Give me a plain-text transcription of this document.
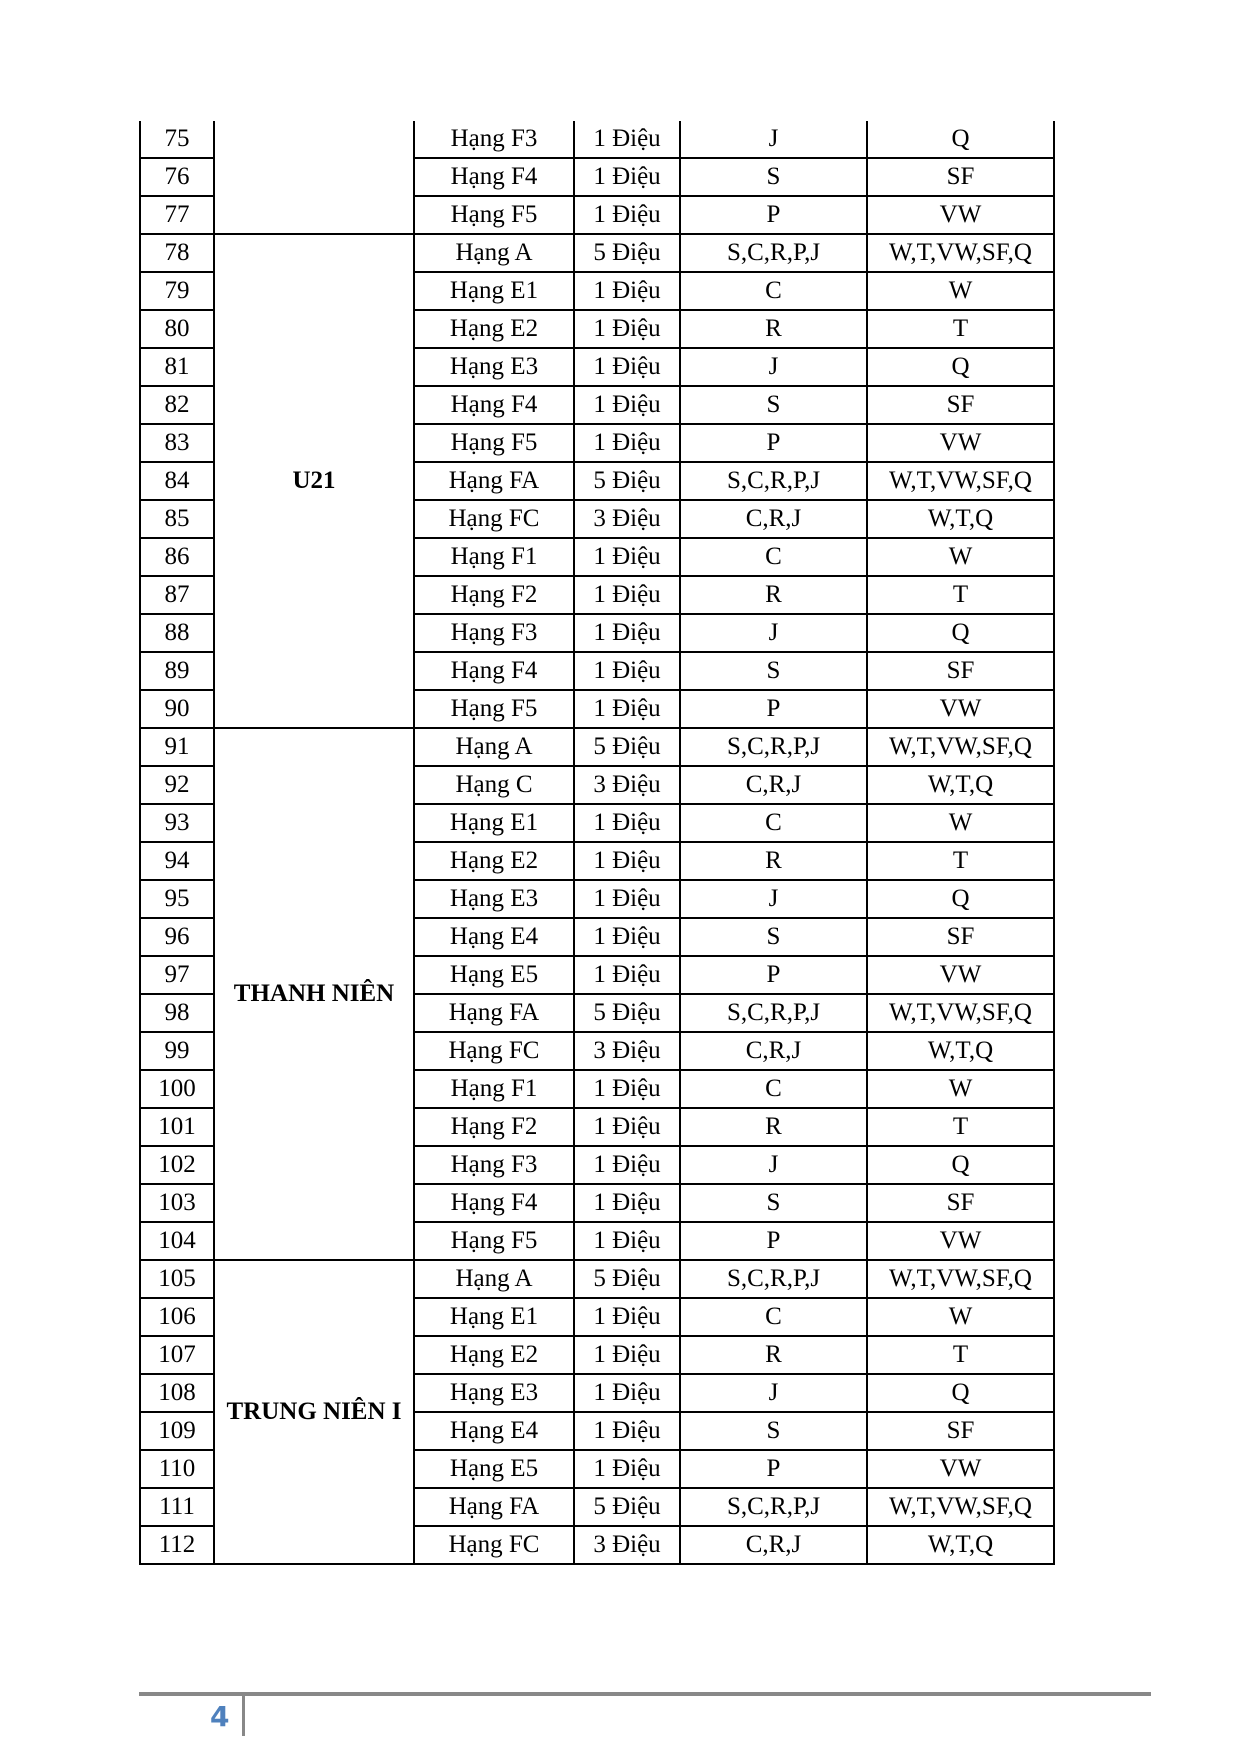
75		Hạng F3	1 Điệu	J	Q
76		Hạng F4	1 Điệu	S	SF
77		Hạng F5	1 Điệu	P	VW
78	U21	Hạng A	5 Điệu	S,C,R,P,J	W,T,VW,SF,Q
79		Hạng E1	1 Điệu	C	W
80		Hạng E2	1 Điệu	R	T
81		Hạng E3	1 Điệu	J	Q
82		Hạng F4	1 Điệu	S	SF
83		Hạng F5	1 Điệu	P	VW
84		Hạng FA	5 Điệu	S,C,R,P,J	W,T,VW,SF,Q
85		Hạng FC	3 Điệu	C,R,J	W,T,Q
86		Hạng F1	1 Điệu	C	W
87		Hạng F2	1 Điệu	R	T
88		Hạng F3	1 Điệu	J	Q
89		Hạng F4	1 Điệu	S	SF
90		Hạng F5	1 Điệu	P	VW
91	THANH NIÊN	Hạng A	5 Điệu	S,C,R,P,J	W,T,VW,SF,Q
92		Hạng C	3 Điệu	C,R,J	W,T,Q
93		Hạng E1	1 Điệu	C	W
94		Hạng E2	1 Điệu	R	T
95		Hạng E3	1 Điệu	J	Q
96		Hạng E4	1 Điệu	S	SF
97		Hạng E5	1 Điệu	P	VW
98		Hạng FA	5 Điệu	S,C,R,P,J	W,T,VW,SF,Q
99		Hạng FC	3 Điệu	C,R,J	W,T,Q
100		Hạng F1	1 Điệu	C	W
101		Hạng F2	1 Điệu	R	T
102		Hạng F3	1 Điệu	J	Q
103		Hạng F4	1 Điệu	S	SF
104		Hạng F5	1 Điệu	P	VW
105	TRUNG NIÊN I	Hạng A	5 Điệu	S,C,R,P,J	W,T,VW,SF,Q
106		Hạng E1	1 Điệu	C	W
107		Hạng E2	1 Điệu	R	T
108		Hạng E3	1 Điệu	J	Q
109		Hạng E4	1 Điệu	S	SF
110		Hạng E5	1 Điệu	P	VW
111		Hạng FA	5 Điệu	S,C,R,P,J	W,T,VW,SF,Q
112		Hạng FC	3 Điệu	C,R,J	W,T,Q
4
